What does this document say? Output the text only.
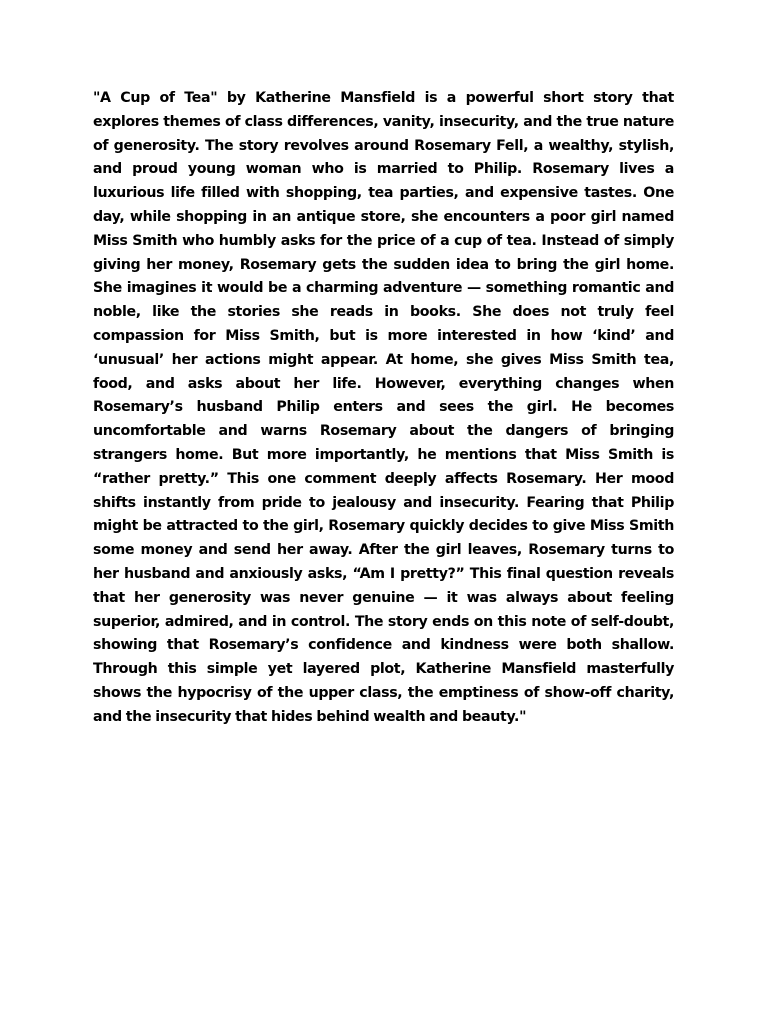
"A Cup of Tea" by Katherine Mansfield is a powerful short story that explores themes of class differences, vanity, insecurity, and the true nature of generosity. The story revolves around Rosemary Fell, a wealthy, stylish, and proud young woman who is married to Philip. Rosemary lives a luxurious life filled with shopping, tea parties, and expensive tastes. One day, while shopping in an antique store, she encounters a poor girl named Miss Smith who humbly asks for the price of a cup of tea. Instead of simply giving her money, Rosemary gets the sudden idea to bring the girl home. She imagines it would be a charming adventure — something romantic and noble, like the stories she reads in books. She does not truly feel compassion for Miss Smith, but is more interested in how ‘kind’ and ‘unusual’ her actions might appear. At home, she gives Miss Smith tea, food, and asks about her life. However, everything changes when Rosemary’s husband Philip enters and sees the girl. He becomes uncomfortable and warns Rosemary about the dangers of bringing strangers home. But more importantly, he mentions that Miss Smith is “rather pretty.” This one comment deeply affects Rosemary. Her mood shifts instantly from pride to jealousy and insecurity. Fearing that Philip might be attracted to the girl, Rosemary quickly decides to give Miss Smith some money and send her away. After the girl leaves, Rosemary turns to her husband and anxiously asks, “Am I pretty?” This final question reveals that her generosity was never genuine — it was always about feeling superior, admired, and in control. The story ends on this note of self-doubt, showing that Rosemary’s confidence and kindness were both shallow. Through this simple yet layered plot, Katherine Mansfield masterfully shows the hypocrisy of the upper class, the emptiness of show-off charity, and the insecurity that hides behind wealth and beauty."
